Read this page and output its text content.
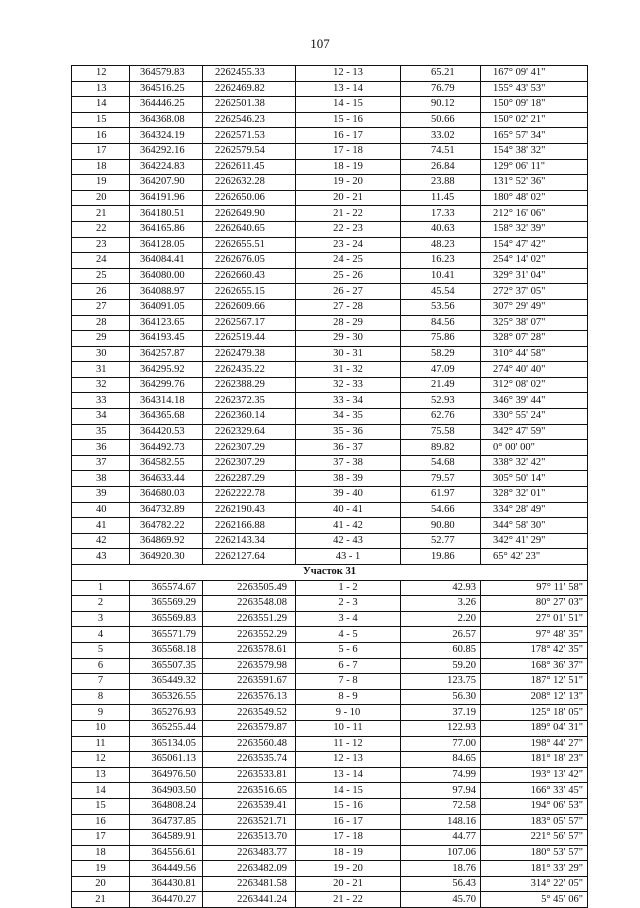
107
12	364579.83	2262455.33	12 - 13	65.21	167° 09' 41"
13	364516.25	2262469.82	13 - 14	76.79	155° 43' 53"
14	364446.25	2262501.38	14 - 15	90.12	150° 09' 18"
15	364368.08	2262546.23	15 - 16	50.66	150° 02' 21"
16	364324.19	2262571.53	16 - 17	33.02	165° 57' 34"
17	364292.16	2262579.54	17 - 18	74.51	154° 38' 32"
18	364224.83	2262611.45	18 - 19	26.84	129° 06' 11"
19	364207.90	2262632.28	19 - 20	23.88	131° 52' 36"
20	364191.96	2262650.06	20 - 21	11.45	180° 48' 02"
21	364180.51	2262649.90	21 - 22	17.33	212° 16' 06"
22	364165.86	2262640.65	22 - 23	40.63	158° 32' 39"
23	364128.05	2262655.51	23 - 24	48.23	154° 47' 42"
24	364084.41	2262676.05	24 - 25	16.23	254° 14' 02"
25	364080.00	2262660.43	25 - 26	10.41	329° 31' 04"
26	364088.97	2262655.15	26 - 27	45.54	272° 37' 05"
27	364091.05	2262609.66	27 - 28	53.56	307° 29' 49"
28	364123.65	2262567.17	28 - 29	84.56	325° 38' 07"
29	364193.45	2262519.44	29 - 30	75.86	328° 07' 28"
30	364257.87	2262479.38	30 - 31	58.29	310° 44' 58"
31	364295.92	2262435.22	31 - 32	47.09	274° 40' 40"
32	364299.76	2262388.29	32 - 33	21.49	312° 08' 02"
33	364314.18	2262372.35	33 - 34	52.93	346° 39' 44"
34	364365.68	2262360.14	34 - 35	62.76	330° 55' 24"
35	364420.53	2262329.64	35 - 36	75.58	342° 47' 59"
36	364492.73	2262307.29	36 - 37	89.82	0° 00' 00"
37	364582.55	2262307.29	37 - 38	54.68	338° 32' 42"
38	364633.44	2262287.29	38 - 39	79.57	305° 50' 14"
39	364680.03	2262222.78	39 - 40	61.97	328° 32' 01"
40	364732.89	2262190.43	40 - 41	54.66	334° 28' 49"
41	364782.22	2262166.88	41 - 42	90.80	344° 58' 30"
42	364869.92	2262143.34	42 - 43	52.77	342° 41' 29"
43	364920.30	2262127.64	43 - 1	19.86	65° 42' 23"
Участок 31					
1	365574.67	2263505.49	1 - 2	42.93	97° 11' 58"
2	365569.29	2263548.08	2 - 3	3.26	80° 27' 03"
3	365569.83	2263551.29	3 - 4	2.20	27° 01' 51"
4	365571.79	2263552.29	4 - 5	26.57	97° 48' 35"
5	365568.18	2263578.61	5 - 6	60.85	178° 42' 35"
6	365507.35	2263579.98	6 - 7	59.20	168° 36' 37"
7	365449.32	2263591.67	7 - 8	123.75	187° 12' 51"
8	365326.55	2263576.13	8 - 9	56.30	208° 12' 13"
9	365276.93	2263549.52	9 - 10	37.19	125° 18' 05"
10	365255.44	2263579.87	10 - 11	122.93	189° 04' 31"
11	365134.05	2263560.48	11 - 12	77.00	198° 44' 27"
12	365061.13	2263535.74	12 - 13	84.65	181° 18' 23"
13	364976.50	2263533.81	13 - 14	74.99	193° 13' 42"
14	364903.50	2263516.65	14 - 15	97.94	166° 33' 45"
15	364808.24	2263539.41	15 - 16	72.58	194° 06' 53"
16	364737.85	2263521.71	16 - 17	148.16	183° 05' 57"
17	364589.91	2263513.70	17 - 18	44.77	221° 56' 57"
18	364556.61	2263483.77	18 - 19	107.06	180° 53' 57"
19	364449.56	2263482.09	19 - 20	18.76	181° 33' 29"
20	364430.81	2263481.58	20 - 21	56.43	314° 22' 05"
21	364470.27	2263441.24	21 - 22	45.70	5° 45' 06"
